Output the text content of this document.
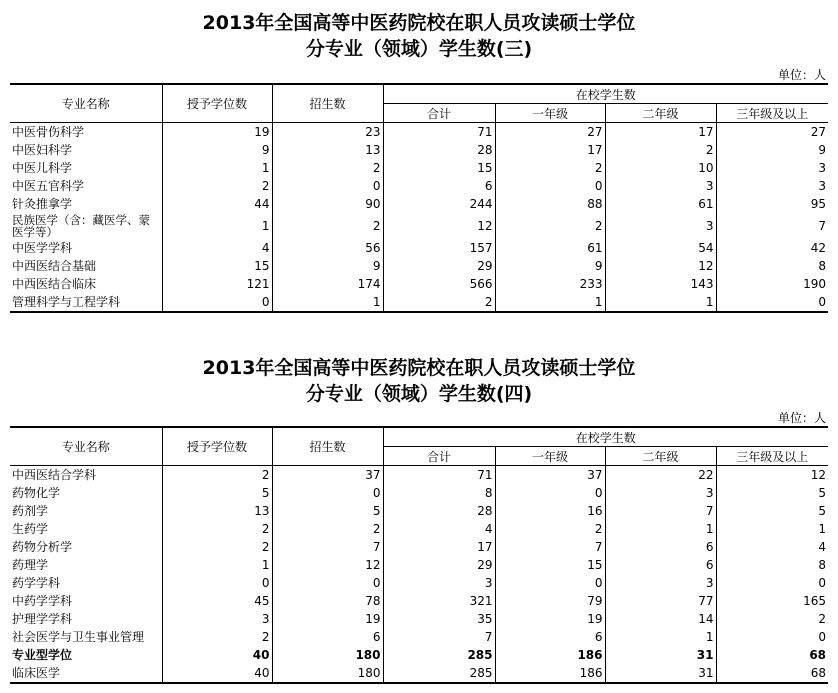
2013年全国高等中医药院校在职人员攻读硕士学位
分专业（领域）学生数(三)
单位：人
专业名称	授予学位数	招生数	在校学生数			
			合计	一年级	二年级	三年级及以上
中医骨伤科学	19	23	71	27	17	27
中医妇科学	9	13	28	17	2	9
中医儿科学	1	2	15	2	10	3
中医五官科学	2	0	6	0	3	3
针灸推拿学	44	90	244	88	61	95
民族医学（含：藏医学、蒙医学等）	1	2	12	2	3	7
中医学学科	4	56	157	61	54	42
中西医结合基础	15	9	29	9	12	8
中西医结合临床	121	174	566	233	143	190
管理科学与工程学科	0	1	2	1	1	0
2013年全国高等中医药院校在职人员攻读硕士学位
分专业（领域）学生数(四)
单位：人
专业名称	授予学位数	招生数	在校学生数			
			合计	一年级	二年级	三年级及以上
中西医结合学科	2	37	71	37	22	12
药物化学	5	0	8	0	3	5
药剂学	13	5	28	16	7	5
生药学	2	2	4	2	1	1
药物分析学	2	7	17	7	6	4
药理学	1	12	29	15	6	8
药学学科	0	0	3	0	3	0
中药学学科	45	78	321	79	77	165
护理学学科	3	19	35	19	14	2
社会医学与卫生事业管理	2	6	7	6	1	0
专业型学位	40	180	285	186	31	68
临床医学	40	180	285	186	31	68
